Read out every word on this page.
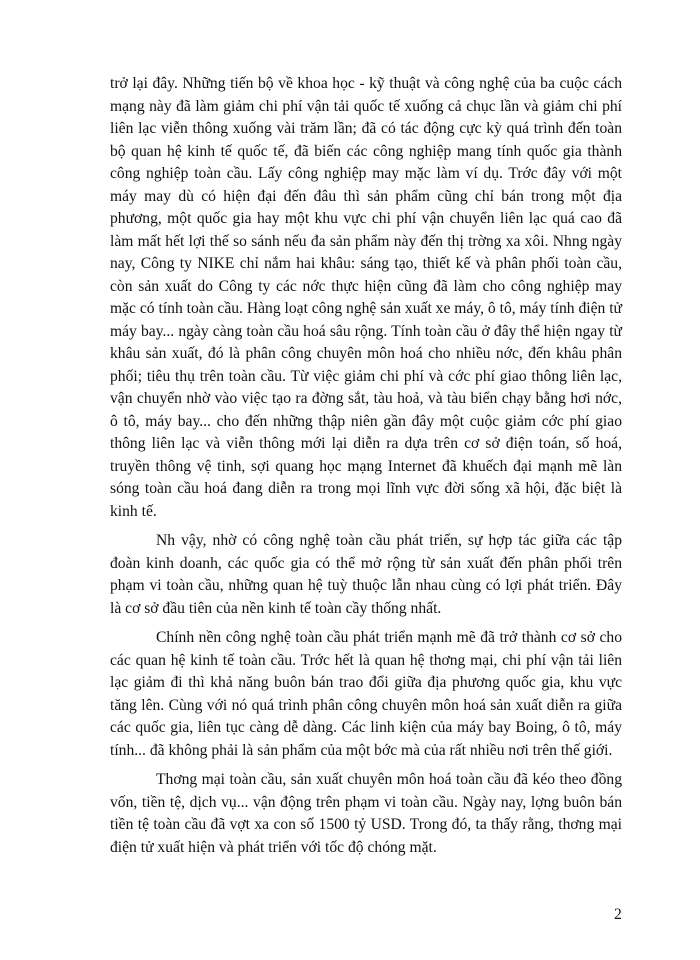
trở lại đây. Những tiến bộ về khoa học - kỹ thuật và công nghệ của ba cuộc cách mạng này đã làm giảm chi phí vận tải quốc tế xuống cả chục lần và giảm chi phí liên lạc viễn thông xuống vài trăm lần; đã có tác động cực kỳ quá trình đến toàn bộ quan hệ kinh tế quốc tế, đã biến các công nghiệp mang tính quốc gia thành công nghiệp toàn cầu. Lấy công nghiệp may mặc làm ví dụ. Trớc đây với một máy may dù có hiện đại đến đâu thì sản phẩm cũng chỉ bán trong một địa phương, một quốc gia hay một khu vực chi phí vận chuyển liên lạc quá cao đã làm mất hết lợi thế so sánh nếu đa sản phẩm này đến thị trờng xa xôi. Nhng ngày nay, Công ty NIKE chỉ nắm hai khâu: sáng tạo, thiết kế và phân phối toàn cầu, còn sản xuất do Công ty các nớc thực hiện cũng đã làm cho công nghiệp may mặc có tính toàn cầu. Hàng loạt công nghệ sản xuất xe máy, ô tô, máy tính điện tử máy bay... ngày càng toàn cầu hoá sâu rộng. Tính toàn cầu ở đây thể hiện ngay từ khâu sản xuất, đó là phân công chuyên môn hoá cho nhiều nớc, đến khâu phân phối; tiêu thụ trên toàn cầu. Từ việc giảm chi phí và cớc phí giao thông liên lạc, vận chuyển nhờ vào việc tạo ra đờng sắt, tàu hoả, và tàu biển chạy bằng hơi nớc, ô tô, máy bay... cho đến những thập niên gần đây một cuộc giảm cớc phí giao thông liên lạc và viễn thông mới lại diễn ra dựa trên cơ sở điện toán, số hoá, truyền thông vệ tinh, sợi quang học mạng Internet đã khuếch đại mạnh mẽ làn sóng toàn cầu hoá đang diễn ra trong mọi lĩnh vực đời sống xã hội, đặc biệt là kinh tế.

Nh vậy, nhờ có công nghệ toàn cầu phát triển, sự hợp tác giữa các tập đoàn kinh doanh, các quốc gia có thể mở rộng từ sản xuất đến phân phối trên phạm vi toàn cầu, những quan hệ tuỳ thuộc lẫn nhau cùng có lợi phát triển. Đây là cơ sở đầu tiên của nền kinh tế toàn cầy thống nhất.

Chính nền công nghệ toàn cầu phát triển mạnh mẽ đã trở thành cơ sở cho các quan hệ kinh tế toàn cầu. Trớc hết là quan hệ thơng mại, chi phí vận tải liên lạc giảm đi thì khả năng buôn bán trao đổi giữa địa phương quốc gia, khu vực tăng lên. Cùng với nó quá trình phân công chuyên môn hoá sản xuất diễn ra giữa các quốc gia, liên tục càng dễ dàng. Các linh kiện của máy bay Boing, ô tô, máy tính... đã không phải là sản phẩm của một bớc mà của rất nhiều nơi trên thế giới.

Thơng mại toàn cầu, sản xuất chuyên môn hoá toàn cầu đã kéo theo đồng vốn, tiền tệ, dịch vụ... vận động trên phạm vi toàn cầu. Ngày nay, lợng buôn bán tiền tệ toàn cầu đã vợt xa con số 1500 tỷ USD. Trong đó, ta thấy rằng, thơng mại điện tử xuất hiện và phát triển với tốc độ chóng mặt.

2
